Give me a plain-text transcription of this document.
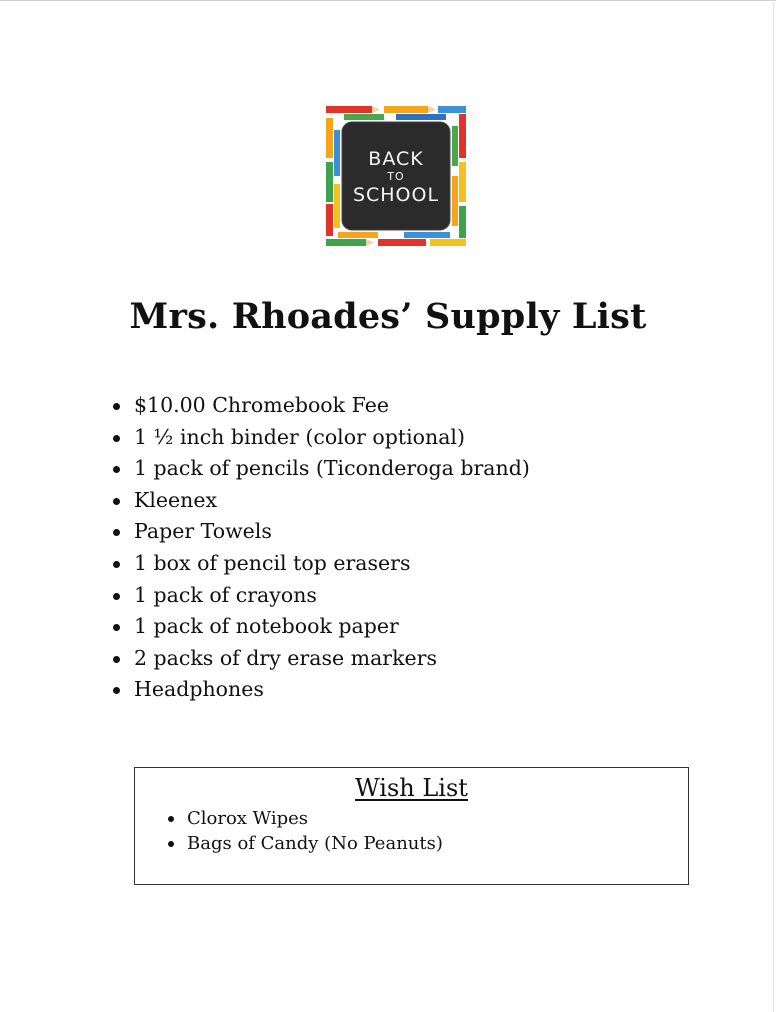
BACK
TO
SCHOOL
Mrs. Rhoades’ Supply List
$10.00 Chromebook Fee
1 ½ inch binder (color optional)
1 pack of pencils (Ticonderoga brand)
Kleenex
Paper Towels
1 box of pencil top erasers
1 pack of crayons
1 pack of notebook paper
2 packs of dry erase markers
Headphones
Wish List
Clorox Wipes
Bags of Candy (No Peanuts)
